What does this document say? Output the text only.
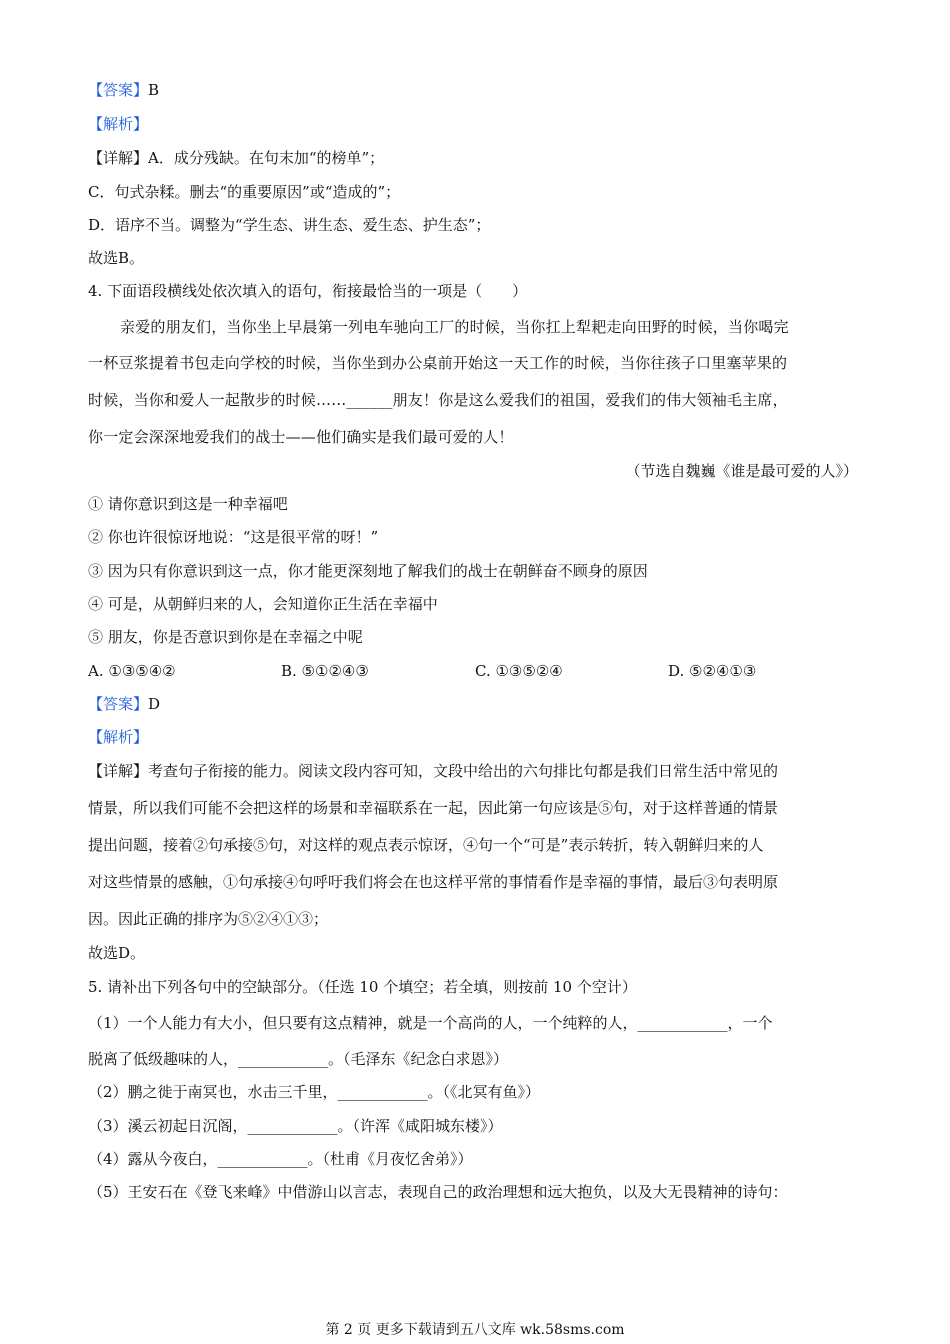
【答案】B
【解析】
【详解】A．成分残缺。在句末加“的榜单”；
C．句式杂糅。删去“的重要原因”或“造成的”；
D．语序不当。调整为“学生态、讲生态、爱生态、护生态”；
故选B。
4. 下面语段横线处依次填入的语句，衔接最恰当的一项是（　　）
亲爱的朋友们，当你坐上早晨第一列电车驰向工厂的时候，当你扛上犁耙走向田野的时候，当你喝完
一杯豆浆提着书包走向学校的时候，当你坐到办公桌前开始这一天工作的时候，当你往孩子口里塞苹果的
时候，当你和爱人一起散步的时候……______朋友！你是这么爱我们的祖国，爱我们的伟大领袖毛主席，
你一定会深深地爱我们的战士——他们确实是我们最可爱的人！
（节选自魏巍《谁是最可爱的人》）
① 请你意识到这是一种幸福吧
② 你也许很惊讶地说：“这是很平常的呀！”
③ 因为只有你意识到这一点，你才能更深刻地了解我们的战士在朝鲜奋不顾身的原因
④ 可是，从朝鲜归来的人，会知道你正生活在幸福中
⑤ 朋友，你是否意识到你是在幸福之中呢
A. ①③⑤④②	B. ⑤①②④③	C. ①③⑤②④	D. ⑤②④①③
【答案】D
【解析】
【详解】考查句子衔接的能力。阅读文段内容可知，文段中给出的六句排比句都是我们日常生活中常见的
情景，所以我们可能不会把这样的场景和幸福联系在一起，因此第一句应该是⑤句，对于这样普通的情景
提出问题，接着②句承接⑤句，对这样的观点表示惊讶，④句一个“可是”表示转折，转入朝鲜归来的人
对这些情景的感触，①句承接④句呼吁我们将会在也这样平常的事情看作是幸福的事情，最后③句表明原
因。因此正确的排序为⑤②④①③；
故选D。
5. 请补出下列各句中的空缺部分。（任选 10 个填空；若全填，则按前 10 个空计）
（1）一个人能力有大小，但只要有这点精神，就是一个高尚的人，一个纯粹的人，____________，一个
脱离了低级趣味的人，____________。（毛泽东《纪念白求恩》）
（2）鹏之徙于南冥也，水击三千里，____________。（《北冥有鱼》）
（3）溪云初起日沉阁，____________。（许浑《咸阳城东楼》）
（4）露从今夜白，____________。（杜甫《月夜忆舍弟》）
（5）王安石在《登飞来峰》中借游山以言志，表现自己的政治理想和远大抱负，以及大无畏精神的诗句：
第 2 页 更多下载请到五八文库 wk.58sms.com
